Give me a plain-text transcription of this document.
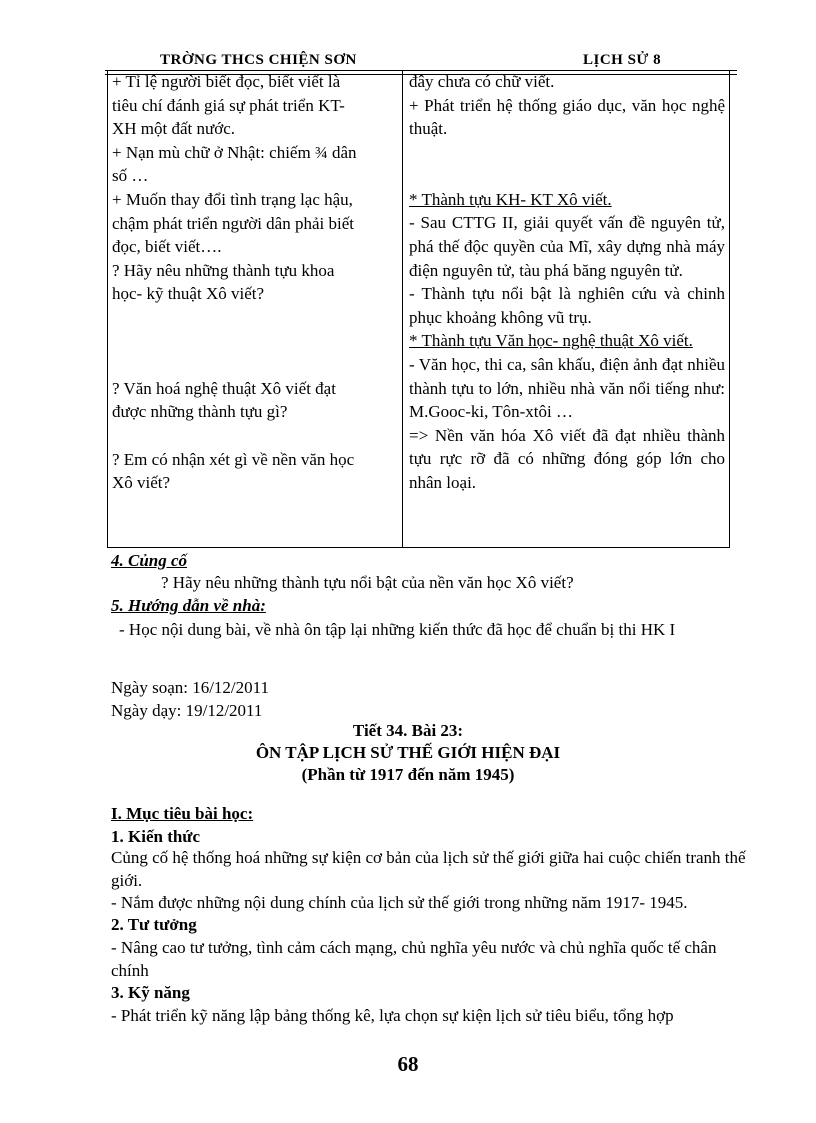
TRỜNG THCS CHIỆN SƠN	LỊCH SỬ 8

+ Tỉ lệ người biết đọc, biết viết là

tiêu chí đánh giá sự phát triển KT-

XH một đất nước.

+ Nạn mù chữ ở Nhật: chiếm ¾ dân

số …

+ Muốn thay đổi tình trạng lạc hậu,

chậm phát triển người dân phải biết

đọc, biết viết….

? Hãy nêu những thành tựu khoa

học- kỹ thuật Xô viết?

? Văn hoá nghệ thuật Xô viết đạt

được những thành tựu gì?

? Em có nhận xét gì về nền văn học

Xô viết?

đây chưa có chữ viết.

+ Phát triển hệ thống giáo dục, văn học nghệ thuật.

* Thành tựu KH- KT Xô viết.

- Sau CTTG II, giải quyết vấn đề nguyên tử, phá thế độc quyền của Mĩ, xây dựng nhà máy điện nguyên tử, tàu phá băng nguyên tử.

- Thành tựu nổi bật là nghiên cứu và chinh phục khoảng không vũ trụ.

* Thành tựu Văn học- nghệ thuật Xô viết.

- Văn học, thi ca, sân khấu, điện ảnh đạt nhiều thành tựu to lớn, nhiều nhà văn nổi tiếng như: M.Gooc-ki, Tôn-xtôi …

=> Nền văn hóa Xô viết đã đạt nhiều thành tựu rực rỡ đã có những đóng góp lớn cho nhân loại.

4. Củng cố
? Hãy nêu những thành tựu nổi bật của nền văn học Xô viết?
5. Hướng dẫn về nhà:
- Học nội dung bài, về nhà ôn tập lại những kiến thức đã học để chuẩn bị thi HK I
Ngày soạn: 16/12/2011
Ngày dạy: 19/12/2011
Tiết 34. Bài 23:
ÔN TẬP LỊCH SỬ THẾ GIỚI HIỆN ĐẠI
(Phần từ 1917 đến năm 1945)
I. Mục tiêu bài học:
1. Kiến thức
Củng cố hệ thống hoá những sự kiện cơ bản của lịch sử thế giới giữa hai cuộc chiến tranh thế giới.
- Nắm được những nội dung chính của lịch sử thế giới trong những năm 1917- 1945.
2. Tư tưởng
- Nâng cao tư tưởng, tình cảm cách mạng, chủ nghĩa yêu nước và chủ nghĩa quốc tế chân chính
3. Kỹ năng
- Phát triển kỹ năng lập bảng thống kê, lựa chọn sự kiện lịch sử tiêu biểu, tổng hợp
68
